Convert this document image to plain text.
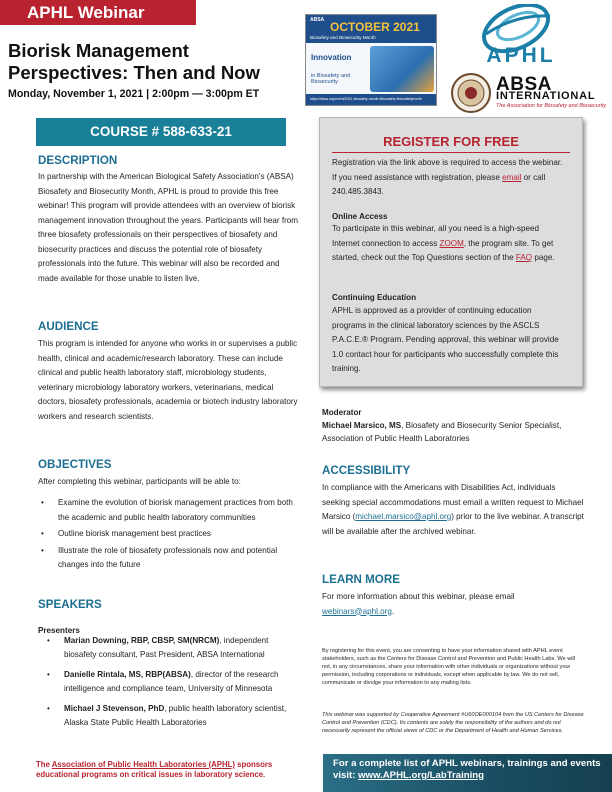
APHL Webinar
Biorisk Management Perspectives: Then and Now
Monday, November 1, 2021 | 2:00pm — 3:00pm ET
ABSA OCTOBER 2021
Biosafety and Biosecurity Month
Innovation
in Biosafety and Biosecurity
https://absa.org/event/2021-biosafety-month #biosafety #biosafetymonth
APHL
ABSA
INTERNATIONAL
The Association for Biosafety and Biosecurity
COURSE # 588-633-21
DESCRIPTION
In partnership with the American Biological Safety Association's (ABSA) Biosafety and Biosecurity Month, APHL is proud to provide this free webinar! This program will provide attendees with an overview of biorisk management innovation throughout the years. Participants will hear from three biosafety professionals on their perspectives of biosafety and biosecurity practices and discuss the potential role of biosafety professionals into the future. This webinar will also be recorded and made available for those unable to listen live.
AUDIENCE
This program is intended for anyone who works in or supervises a public health, clinical and academic/research laboratory. These can include clinical and public health laboratory staff, microbiology students, veterinary microbiology laboratory workers, veterinarians, medical doctors, biosafety professionals, academia or biotech industry laboratory workers and research scientists.
OBJECTIVES
After completing this webinar, participants will be able to:
• Examine the evolution of biorisk management practices from both the academic and public health laboratory communities
• Outline biorisk management best practices
• Illustrate the role of biosafety professionals now and potential changes into the future
SPEAKERS
Presenters
• Marian Downing, RBP, CBSP, SM(NRCM), independent biosafety consultant, Past President, ABSA International
• Danielle Rintala, MS, RBP(ABSA), director of the research intelligence and compliance team, University of Minnesota
• Michael J Stevenson, PhD, public health laboratory scientist, Alaska State Public Health Laboratories
REGISTER FOR FREE
Registration via the link above is required to access the webinar. If you need assistance with registration, please email or call 240.485.3843.
Online Access
To participate in this webinar, all you need is a high-speed Internet connection to access ZOOM, the program site. To get started, check out the Top Questions section of the FAQ page.
Continuing Education
APHL is approved as a provider of continuing education programs in the clinical laboratory sciences by the ASCLS P.A.C.E.® Program. Pending approval, this webinar will provide 1.0 contact hour for participants who successfully complete this training.
Moderator
Michael Marsico, MS, Biosafety and Biosecurity Senior Specialist, Association of Public Health Laboratories
ACCESSIBILITY
In compliance with the Americans with Disabilities Act, individuals seeking special accommodations must email a written request to Michael Marsico (michael.marsico@aphl.org) prior to the live webinar. A transcript will be available after the archived webinar.
LEARN MORE
For more information about this webinar, please email webinars@aphl.org.
By registering for this event, you are consenting to have your information shared with APHL event stakeholders, such as the Centers for Disease Control and Prevention and Public Health Labs. We will not, in any circumstances, share your information with other individuals or organizations without your permission, including corporations or individuals, except when applicable by law. We do not sell, communicate or divulge your information to any mailing lists.
This webinar was supported by Cooperative Agreement #U60OE000104 from the US Centers for Disease Control and Prevention (CDC). Its contents are solely the responsibility of the authors and do not necessarily represent the official views of CDC or the Department of Health and Human Services.
The Association of Public Health Laboratories (APHL) sponsors educational programs on critical issues in laboratory science.
For a complete list of APHL webinars, trainings and events visit: www.APHL.org/LabTraining
